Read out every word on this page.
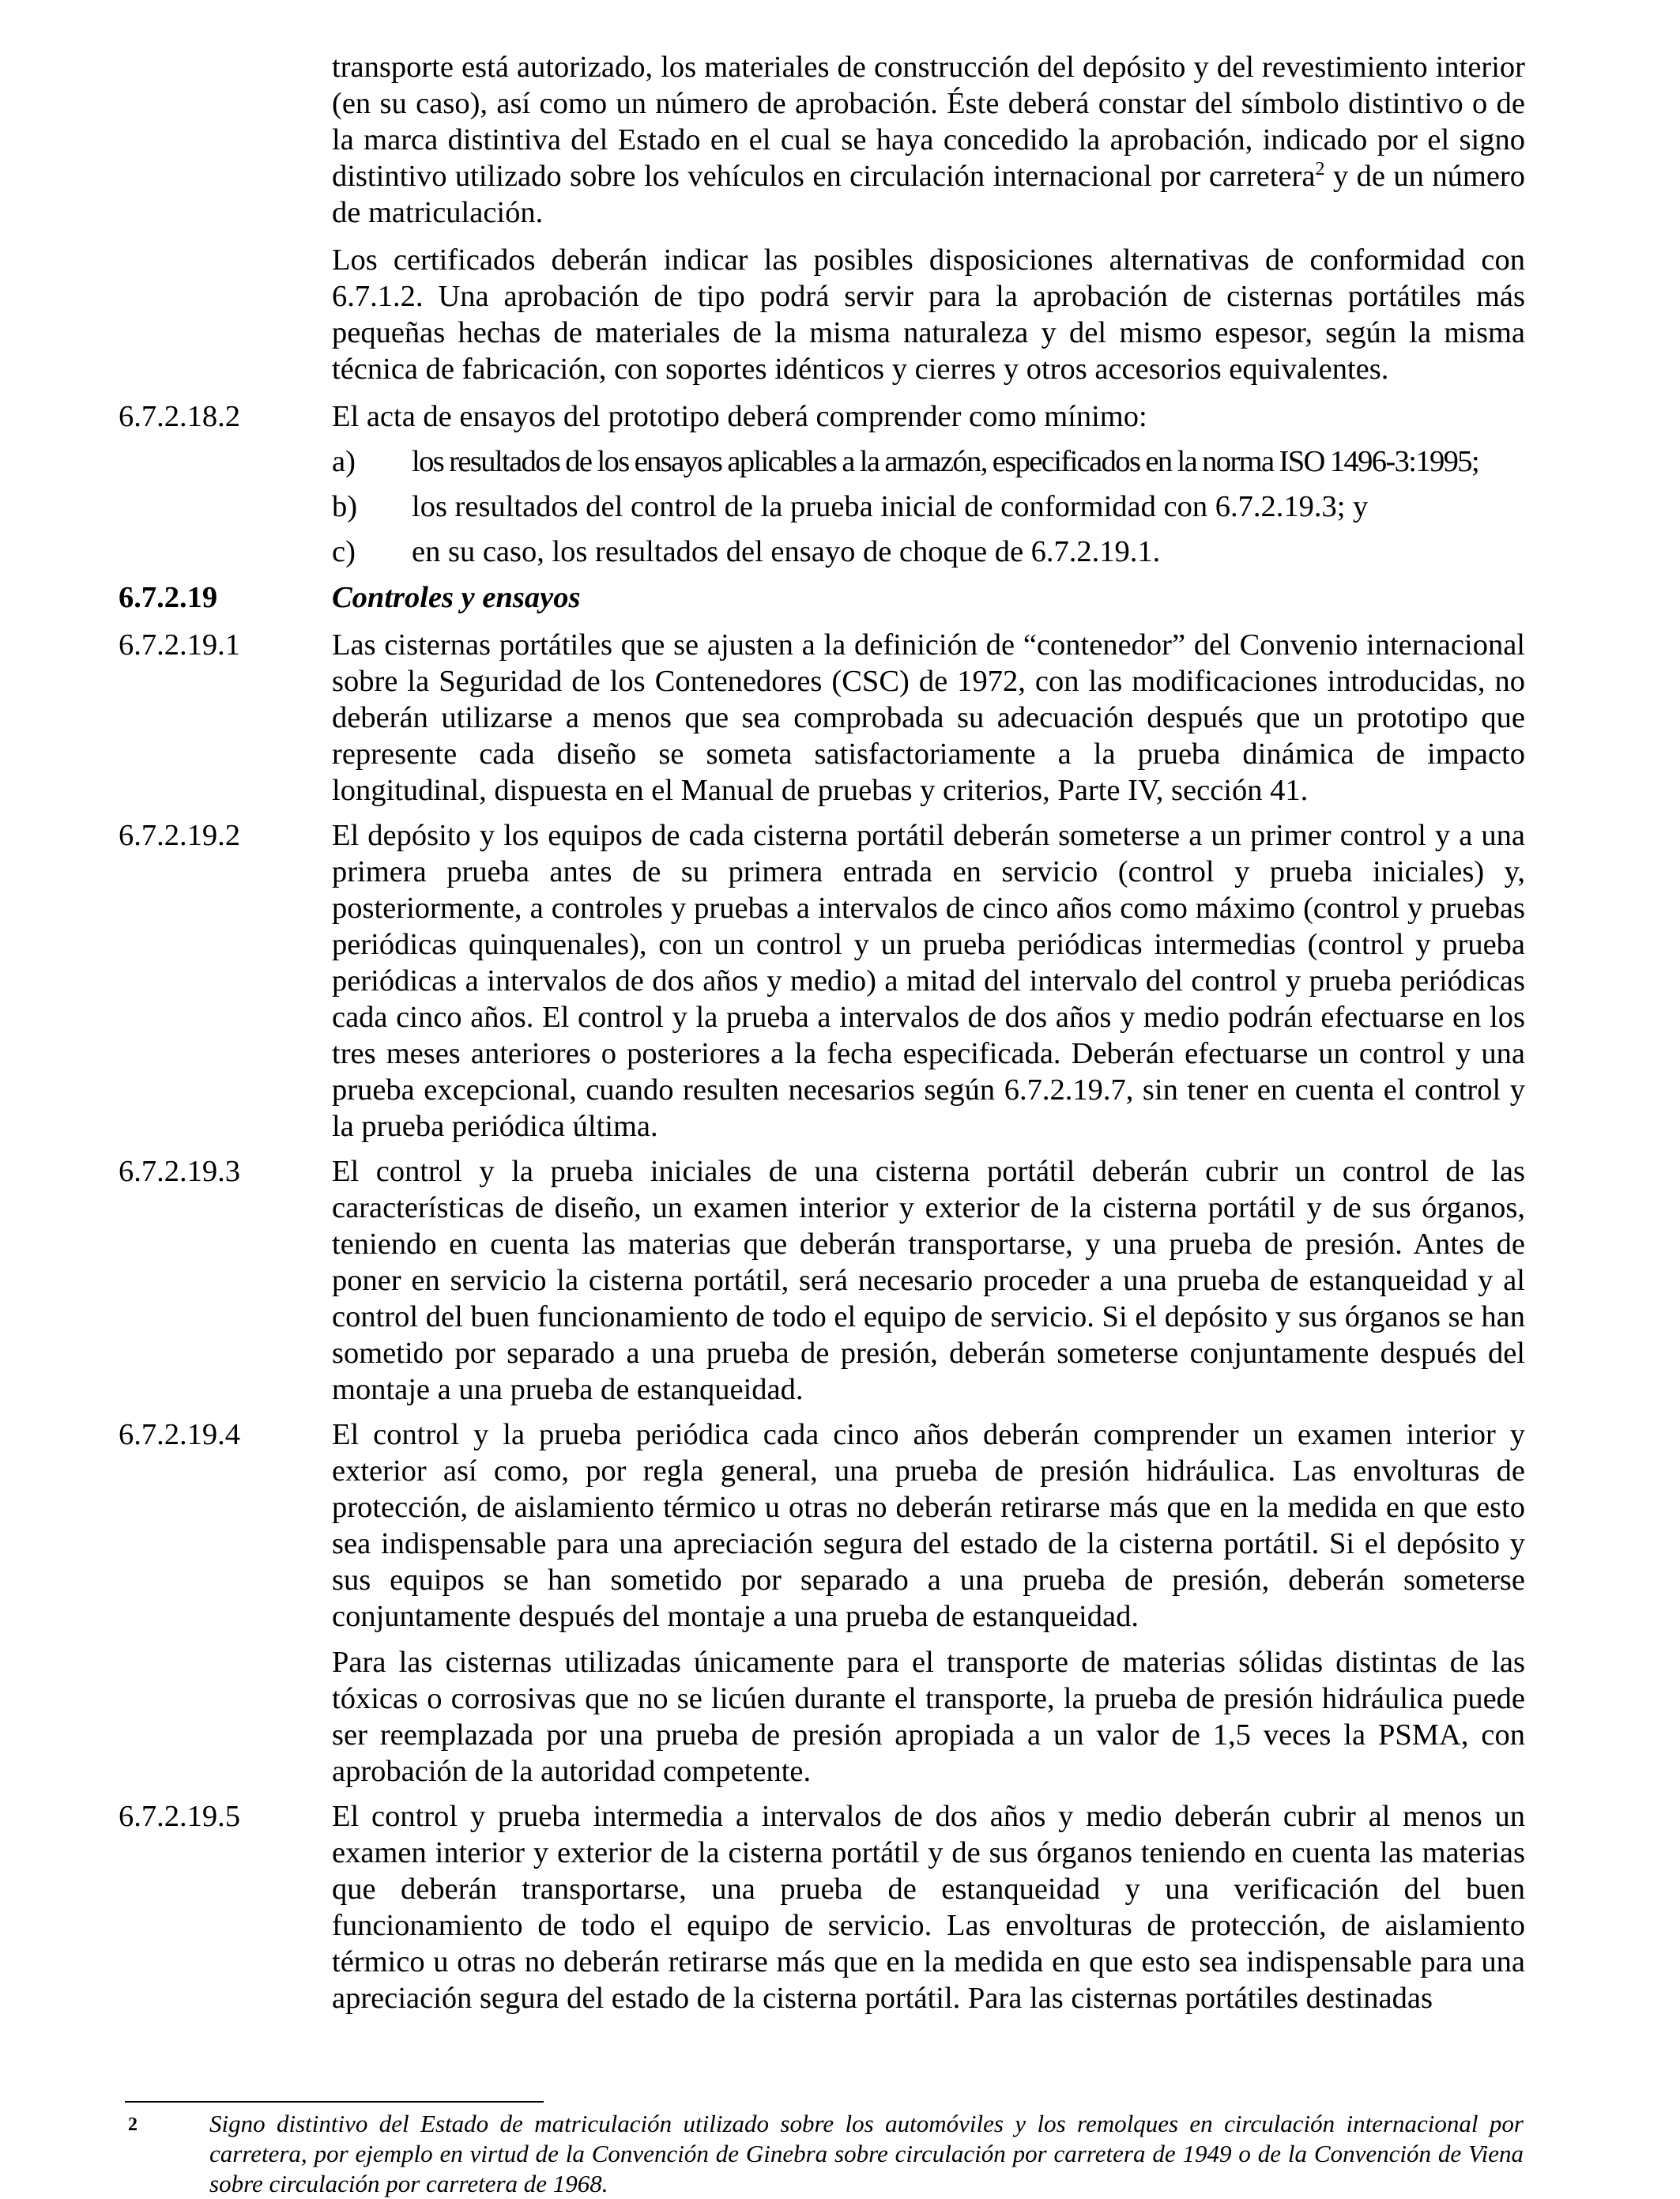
transporte está autorizado, los materiales de construcción del depósito y del revestimiento interior (en su caso), así como un número de aprobación. Éste deberá constar del símbolo distintivo o de la marca distintiva del Estado en el cual se haya concedido la aprobación, indicado por el signo distintivo utilizado sobre los vehículos en circulación internacional por carretera$^2$ y de un número de matriculación.

Los certificados deberán indicar las posibles disposiciones alternativas de conformidad con 6.7.1.2. Una aprobación de tipo podrá servir para la aprobación de cisternas portátiles más pequeñas hechas de materiales de la misma naturaleza y del mismo espesor, según la misma técnica de fabricación, con soportes idénticos y cierres y otros accesorios equivalentes.

6.7.2.18.2	El acta de ensayos del prototipo deberá comprender como mínimo:
a)	los resultados de los ensayos aplicables a la armazón, especificados en la norma ISO 1496-3:1995;
b)	los resultados del control de la prueba inicial de conformidad con 6.7.2.19.3; y
c)	en su caso, los resultados del ensayo de choque de 6.7.2.19.1.
6.7.2.19	Controles y ensayos
6.7.2.19.1	Las cisternas portátiles que se ajusten a la definición de “contenedor” del Convenio internacional sobre la Seguridad de los Contenedores (CSC) de 1972, con las modificaciones introducidas, no deberán utilizarse a menos que sea comprobada su adecuación después que un prototipo que represente cada diseño se someta satisfactoriamente a la prueba dinámica de impacto longitudinal, dispuesta en el Manual de pruebas y criterios, Parte IV, sección 41.
6.7.2.19.2	El depósito y los equipos de cada cisterna portátil deberán someterse a un primer control y a una primera prueba antes de su primera entrada en servicio (control y prueba iniciales) y, posteriormente, a controles y pruebas a intervalos de cinco años como máximo (control y pruebas periódicas quinquenales), con un control y un prueba periódicas intermedias (control y prueba periódicas a intervalos de dos años y medio) a mitad del intervalo del control y prueba periódicas cada cinco años. El control y la prueba a intervalos de dos años y medio podrán efectuarse en los tres meses anteriores o posteriores a la fecha especificada. Deberán efectuarse un control y una prueba excepcional, cuando resulten necesarios según 6.7.2.19.7, sin tener en cuenta el control y la prueba periódica última.
6.7.2.19.3	El control y la prueba iniciales de una cisterna portátil deberán cubrir un control de las características de diseño, un examen interior y exterior de la cisterna portátil y de sus órganos, teniendo en cuenta las materias que deberán transportarse, y una prueba de presión. Antes de poner en servicio la cisterna portátil, será necesario proceder a una prueba de estanqueidad y al control del buen funcionamiento de todo el equipo de servicio. Si el depósito y sus órganos se han sometido por separado a una prueba de presión, deberán someterse conjuntamente después del montaje a una prueba de estanqueidad.
6.7.2.19.4	El control y la prueba periódica cada cinco años deberán comprender un examen interior y exterior así como, por regla general, una prueba de presión hidráulica. Las envolturas de protección, de aislamiento térmico u otras no deberán retirarse más que en la medida en que esto sea indispensable para una apreciación segura del estado de la cisterna portátil. Si el depósito y sus equipos se han sometido por separado a una prueba de presión, deberán someterse conjuntamente después del montaje a una prueba de estanqueidad.

Para las cisternas utilizadas únicamente para el transporte de materias sólidas distintas de las tóxicas o corrosivas que no se licúen durante el transporte, la prueba de presión hidráulica puede ser reemplazada por una prueba de presión apropiada a un valor de 1,5 veces la PSMA, con aprobación de la autoridad competente.

6.7.2.19.5	El control y prueba intermedia a intervalos de dos años y medio deberán cubrir al menos un examen interior y exterior de la cisterna portátil y de sus órganos teniendo en cuenta las materias que deberán transportarse, una prueba de estanqueidad y una verificación del buen funcionamiento de todo el equipo de servicio. Las envolturas de protección, de aislamiento térmico u otras no deberán retirarse más que en la medida en que esto sea indispensable para una apreciación segura del estado de la cisterna portátil. Para las cisternas portátiles destinadas
2	Signo distintivo del Estado de matriculación utilizado sobre los automóviles y los remolques en circulación internacional por carretera, por ejemplo en virtud de la Convención de Ginebra sobre circulación por carretera de 1949 o de la Convención de Viena sobre circulación por carretera de 1968.
